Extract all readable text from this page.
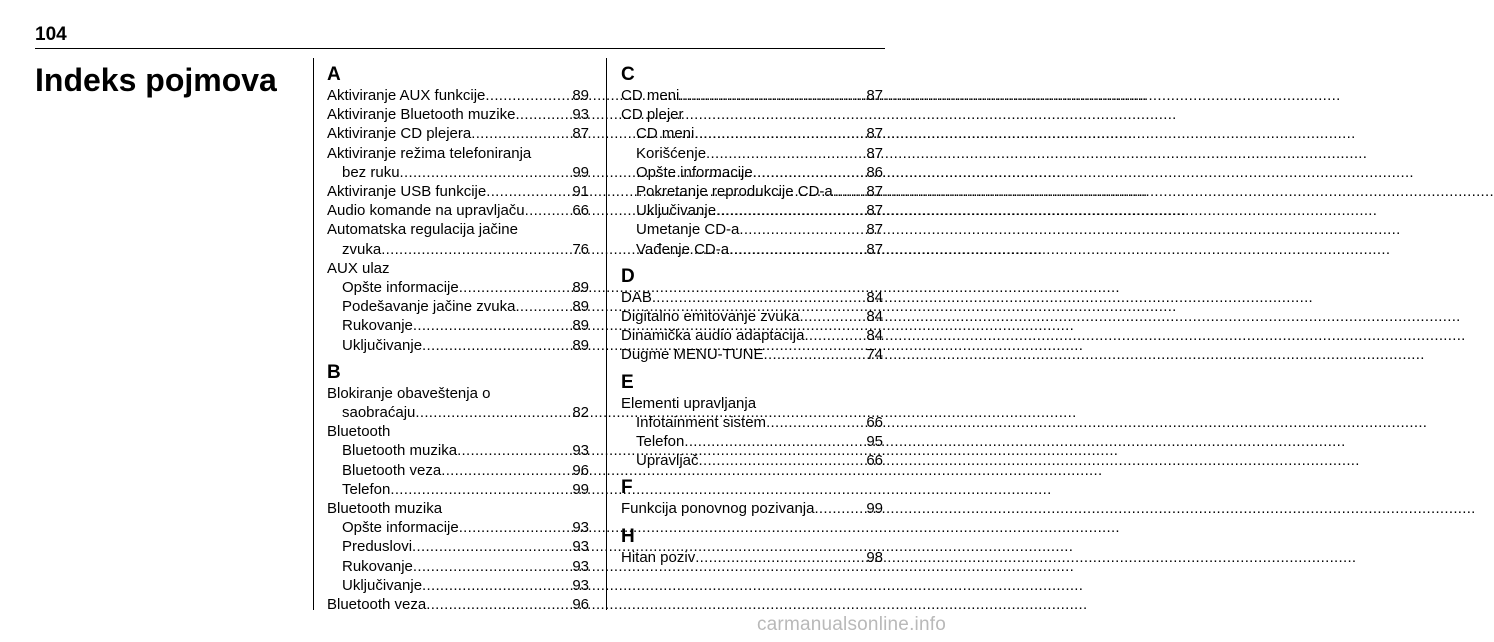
104
Indeks pojmova	A
Aktiviranje AUX funkcije .....	89
Aktiviranje Bluetooth muzike .....	93
Aktiviranje CD plejera .....	87
Aktiviranje režima telefoniranja
bez ruku .....	99
Aktiviranje USB funkcije .....	91
Audio komande na upravljaču .....	66
Automatska regulacija jačine
zvuka .....	76
AUX ulaz
Opšte informacije .....	89
Podešavanje jačine zvuka .....	89
Rukovanje .....	89
Uključivanje .....	89
B
Blokiranje obaveštenja o
saobraćaju .....	82
Bluetooth
Bluetooth muzika .....	93
Bluetooth veza .....	96
Telefon .....	99
Bluetooth muzika
Opšte informacije .....	93
Preduslovi .....	93
Rukovanje .....	93
Uključivanje .....	93
Bluetooth veza .....	96
C
CD meni .....	87
CD plejer
CD meni .....	87
Korišćenje .....	87
Opšte informacije .....	86
Pokretanje reprodukcije CD-a ..... 87
Uključivanje .....	87
Umetanje CD-a .....	87
Vađenje CD-a .....	87
D
DAB .....	84
Digitalno emitovanje zvuka .....	84
Dinamička audio adaptacija .....	84
Dugme MENU-TUNE .....	74
E
Elementi upravljanja
Infotainment sistem .....	66
Telefon .....	95
Upravljač .....	66
F
Funkcija ponovnog pozivanja .....	99
H
Hitan poziv .....	98
carmanualsonline.info
